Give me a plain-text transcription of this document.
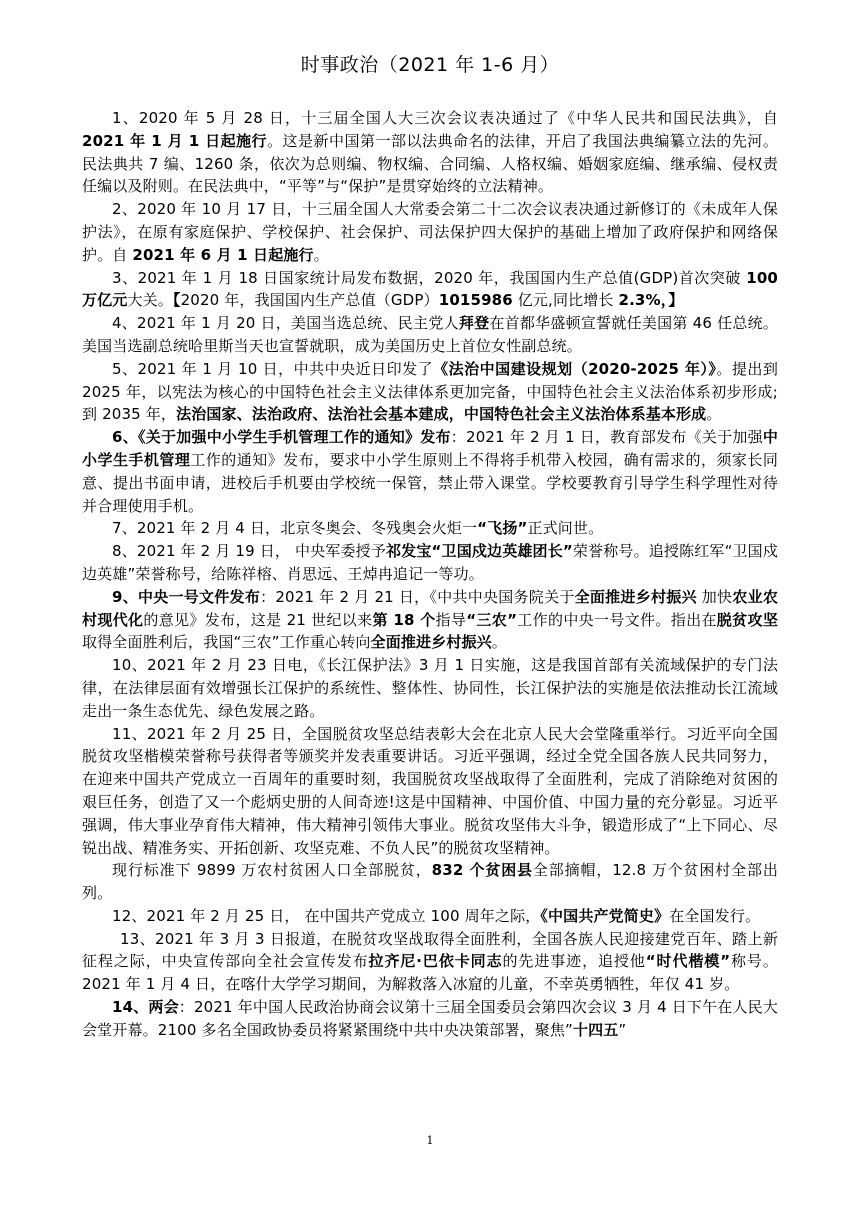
时事政治（2021 年 1-6 月）

1、2020 年 5 月 28 日，十三届全国人大三次会议表决通过了《中华人民共和国民法典》，自 2021 年 1 月 1 日起施行。这是新中国第一部以法典命名的法律，开启了我国法典编纂立法的先河。民法典共 7 编、1260 条，依次为总则编、物权编、合同编、人格权编、婚姻家庭编、继承编、侵权责任编以及附则。在民法典中，“平等”与“保护”是贯穿始终的立法精神。

2、2020 年 10 月 17 日，十三届全国人大常委会第二十二次会议表决通过新修订的《未成年人保护法》，在原有家庭保护、学校保护、社会保护、司法保护四大保护的基础上增加了政府保护和网络保护。自 2021 年 6 月 1 日起施行。

3、2021 年 1 月 18 日国家统计局发布数据，2020 年，我国国内生产总值(GDP)首次突破 100 万亿元大关。【2020 年，我国国内生产总值（GDP）1015986 亿元,同比增长 2.3%，】

4、2021 年 1 月 20 日，美国当选总统、民主党人拜登在首都华盛顿宣誓就任美国第 46 任总统。美国当选副总统哈里斯当天也宣誓就职，成为美国历史上首位女性副总统。

5、2021 年 1 月 10 日，中共中央近日印发了《法治中国建设规划（2020-2025 年）》。提出到 2025 年，以宪法为核心的中国特色社会主义法律体系更加完备，中国特色社会主义法治体系初步形成;到 2035 年，法治国家、法治政府、法治社会基本建成，中国特色社会主义法治体系基本形成。

6、《关于加强中小学生手机管理工作的通知》发布：2021 年 2 月 1 日，教育部发布《关于加强中小学生手机管理工作的通知》发布，要求中小学生原则上不得将手机带入校园，确有需求的，须家长同意、提出书面申请，进校后手机要由学校统一保管，禁止带入课堂。学校要教育引导学生科学理性对待并合理使用手机。

7、2021 年 2 月 4 日，北京冬奥会、冬残奥会火炬一“飞扬”正式问世。

8、2021 年 2 月 19 日， 中央军委授予祁发宝“卫国戍边英雄团长”荣誉称号。追授陈红军“卫国戍边英雄”荣誉称号，给陈祥榕、肖思远、王焯冉追记一等功。

9、中央一号文件发布：2021 年 2 月 21 日，《中共中央国务院关于全面推进乡村振兴 加快农业农村现代化的意见》发布，这是 21 世纪以来第 18 个指导“三农”工作的中央一号文件。指出在脱贫攻坚取得全面胜利后，我国“三农”工作重心转向全面推进乡村振兴。

10、2021 年 2 月 23 日电，《长江保护法》3 月 1 日实施，这是我国首部有关流域保护的专门法律，在法律层面有效增强长江保护的系统性、整体性、协同性，长江保护法的实施是依法推动长江流域走出一条生态优先、绿色发展之路。

11、2021 年 2 月 25 日，全国脱贫攻坚总结表彰大会在北京人民大会堂隆重举行。习近平向全国脱贫攻坚楷模荣誉称号获得者等颁奖并发表重要讲话。习近平强调，经过全党全国各族人民共同努力，在迎来中国共产党成立一百周年的重要时刻，我国脱贫攻坚战取得了全面胜利，完成了消除绝对贫困的艰巨任务，创造了又一个彪炳史册的人间奇迹!这是中国精神、中国价值、中国力量的充分彰显。习近平强调，伟大事业孕育伟大精神，伟大精神引领伟大事业。脱贫攻坚伟大斗争，锻造形成了“上下同心、尽锐出战、精准务实、开拓创新、攻坚克难、不负人民”的脱贫攻坚精神。

现行标准下 9899 万农村贫困人口全部脱贫，832 个贫困县全部摘帽，12.8 万个贫困村全部出列。

12、2021 年 2 月 25 日， 在中国共产党成立 100 周年之际，《中国共产党简史》在全国发行。

13、2021 年 3 月 3 日报道，在脱贫攻坚战取得全面胜利，全国各族人民迎接建党百年、踏上新征程之际，中央宣传部向全社会宣传发布拉齐尼·巴依卡同志的先进事迹，追授他“时代楷模”称号。2021 年 1 月 4 日，在喀什大学学习期间，为解救落入冰窟的儿童，不幸英勇牺牲，年仅 41 岁。

14、两会：2021 年中国人民政治协商会议第十三届全国委员会第四次会议 3 月 4 日下午在人民大会堂开幕。2100 多名全国政协委员将紧紧围绕中共中央决策部署，聚焦”十四五”

1
